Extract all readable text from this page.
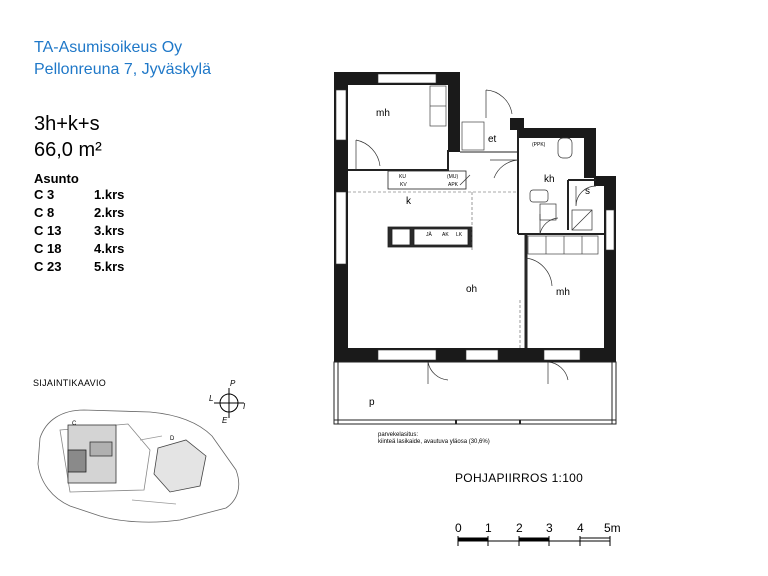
TA-Asumisoikeus Oy
Pellonreuna 7, Jyväskylä
3h+k+s
66,0 m²
Asunto
C 3	1.krs
C 8	2.krs
C 13	3.krs
C 18	4.krs
C 23	5.krs
SIJAINTIKAAVIO	P
L
I
E
C
D
mh
et
kh
s
k
oh	mh
p
(PPK)
KU	(MU)
APK
KV
JÄ AK LK
parvekelasitus:
kiinteä lasikaide, avautuva yläosa (30,6%)
POHJAPIIRROS 1:100
0 1 2 3 4 5m
